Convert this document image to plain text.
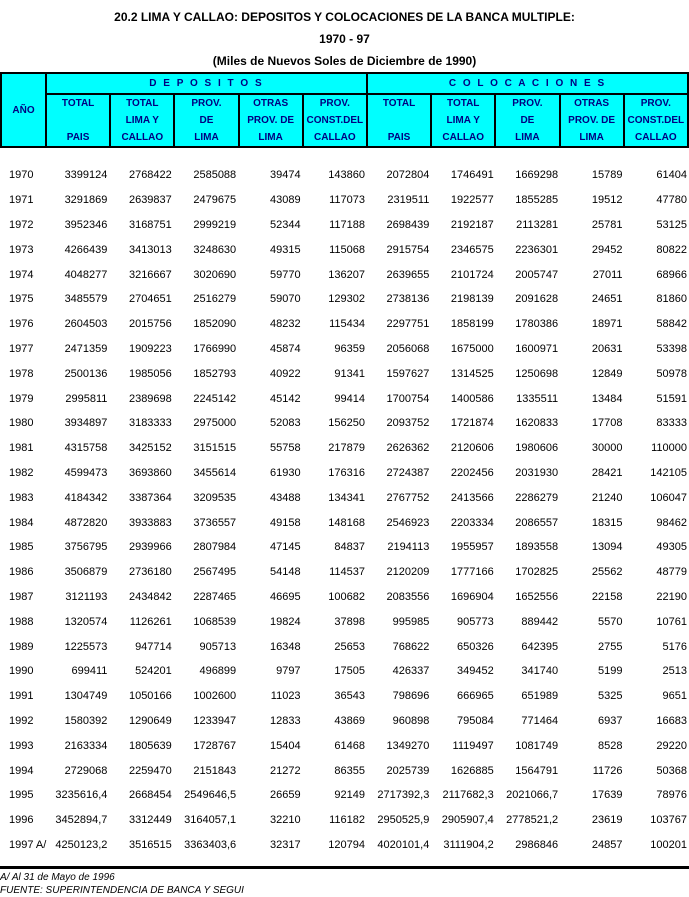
20.2 LIMA Y CALLAO: DEPOSITOS Y COLOCACIONES DE LA BANCA MULTIPLE:
1970 - 97
(Miles de Nuevos Soles de Diciembre de 1990)
AÑO	D E P O S I T O S					C O L O C A C I O N E S				

TOTAL
PAIS

TOTAL
LIMA Y
CALLAO

PROV.
DE
LIMA

OTRAS
PROV. DE
LIMA

PROV.
CONST.DEL
CALLAO

TOTAL
PAIS

TOTAL
LIMA Y
CALLAO

PROV.
DE
LIMA

OTRAS
PROV. DE
LIMA

PROV.
CONST.DEL
CALLAO
1970	3399124	2768422	2585088	39474	143860	2072804	1746491	1669298	15789	61404
1971	3291869	2639837	2479675	43089	117073	2319511	1922577	1855285	19512	47780
1972	3952346	3168751	2999219	52344	117188	2698439	2192187	2113281	25781	53125
1973	4266439	3413013	3248630	49315	115068	2915754	2346575	2236301	29452	80822
1974	4048277	3216667	3020690	59770	136207	2639655	2101724	2005747	27011	68966
1975	3485579	2704651	2516279	59070	129302	2738136	2198139	2091628	24651	81860
1976	2604503	2015756	1852090	48232	115434	2297751	1858199	1780386	18971	58842
1977	2471359	1909223	1766990	45874	96359	2056068	1675000	1600971	20631	53398
1978	2500136	1985056	1852793	40922	91341	1597627	1314525	1250698	12849	50978
1979	2995811	2389698	2245142	45142	99414	1700754	1400586	1335511	13484	51591
1980	3934897	3183333	2975000	52083	156250	2093752	1721874	1620833	17708	83333
1981	4315758	3425152	3151515	55758	217879	2626362	2120606	1980606	30000	110000
1982	4599473	3693860	3455614	61930	176316	2724387	2202456	2031930	28421	142105
1983	4184342	3387364	3209535	43488	134341	2767752	2413566	2286279	21240	106047
1984	4872820	3933883	3736557	49158	148168	2546923	2203334	2086557	18315	98462
1985	3756795	2939966	2807984	47145	84837	2194113	1955957	1893558	13094	49305
1986	3506879	2736180	2567495	54148	114537	2120209	1777166	1702825	25562	48779
1987	3121193	2434842	2287465	46695	100682	2083556	1696904	1652556	22158	22190
1988	1320574	1126261	1068539	19824	37898	995985	905773	889442	5570	10761
1989	1225573	947714	905713	16348	25653	768622	650326	642395	2755	5176
1990	699411	524201	496899	9797	17505	426337	349452	341740	5199	2513
1991	1304749	1050166	1002600	11023	36543	798696	666965	651989	5325	9651
1992	1580392	1290649	1233947	12833	43869	960898	795084	771464	6937	16683
1993	2163334	1805639	1728767	15404	61468	1349270	1119497	1081749	8528	29220
1994	2729068	2259470	2151843	21272	86355	2025739	1626885	1564791	11726	50368
1995	3235616,4	2668454	2549646,5	26659	92149	2717392,3	2117682,3	2021066,7	17639	78976
1996	3452894,7	3312449	3164057,1	32210	116182	2950525,9	2905907,4	2778521,2	23619	103767
1997 A/	4250123,2	3516515	3363403,6	32317	120794	4020101,4	3111904,2	2986846	24857	100201
A/ Al 31 de Mayo de 1996
FUENTE: SUPERINTENDENCIA DE BANCA Y SEGUI
